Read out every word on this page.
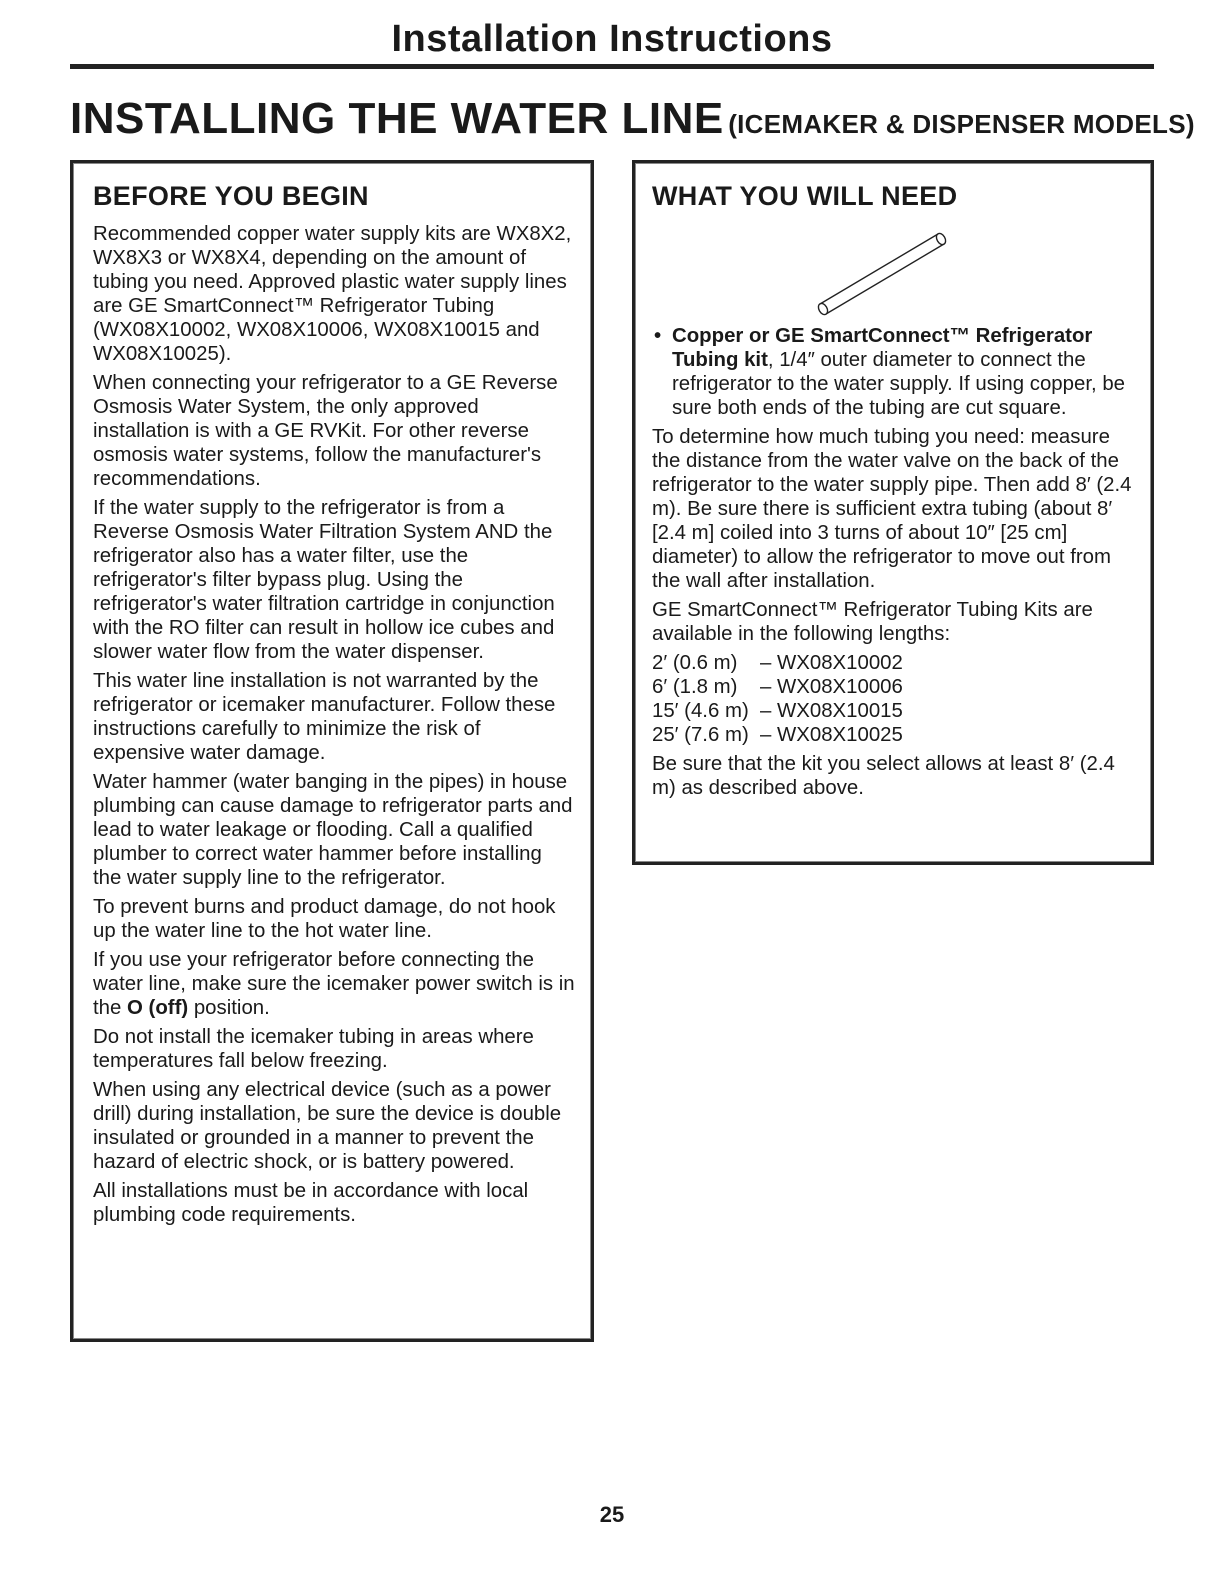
Installation Instructions
INSTALLING THE WATER LINE (ICEMAKER & DISPENSER MODELS)
BEFORE YOU BEGIN

Recommended copper water supply kits are WX8X2, WX8X3 or WX8X4, depending on the amount of tubing you need. Approved plastic water supply lines are GE SmartConnect™ Refrigerator Tubing (WX08X10002, WX08X10006, WX08X10015 and WX08X10025).

When connecting your refrigerator to a GE Reverse Osmosis Water System, the only approved installation is with a GE RVKit. For other reverse osmosis water systems, follow the manufacturer's recommendations.

If the water supply to the refrigerator is from a Reverse Osmosis Water Filtration System AND the refrigerator also has a water filter, use the refrigerator's filter bypass plug. Using the refrigerator's water filtration cartridge in conjunction with the RO filter can result in hollow ice cubes and slower water flow from the water dispenser.

This water line installation is not warranted by the refrigerator or icemaker manufacturer. Follow these instructions carefully to minimize the risk of expensive water damage.

Water hammer (water banging in the pipes) in house plumbing can cause damage to refrigerator parts and lead to water leakage or flooding. Call a qualified plumber to correct water hammer before installing the water supply line to the refrigerator.

To prevent burns and product damage, do not hook up the water line to the hot water line.

If you use your refrigerator before connecting the water line, make sure the icemaker power switch is in the O (off) position.

Do not install the icemaker tubing in areas where temperatures fall below freezing.

When using any electrical device (such as a power drill) during installation, be sure the device is double insulated or grounded in a manner to prevent the hazard of electric shock, or is battery powered.

All installations must be in accordance with local plumbing code requirements.

WHAT YOU WILL NEED
• Copper or GE SmartConnect™ Refrigerator Tubing kit, 1/4″ outer diameter to connect the refrigerator to the water supply. If using copper, be sure both ends of the tubing are cut square.

To determine how much tubing you need: measure the distance from the water valve on the back of the refrigerator to the water supply pipe. Then add 8′ (2.4 m). Be sure there is sufficient extra tubing (about 8′ [2.4 m] coiled into 3 turns of about 10″ [25 cm] diameter) to allow the refrigerator to move out from the wall after installation.

GE SmartConnect™ Refrigerator Tubing Kits are available in the following lengths:

2′ (0.6 m) – WX08X10002
6′ (1.8 m) – WX08X10006
15′ (4.6 m) – WX08X10015
25′ (7.6 m) – WX08X10025

Be sure that the kit you select allows at least 8′ (2.4 m) as described above.

25
